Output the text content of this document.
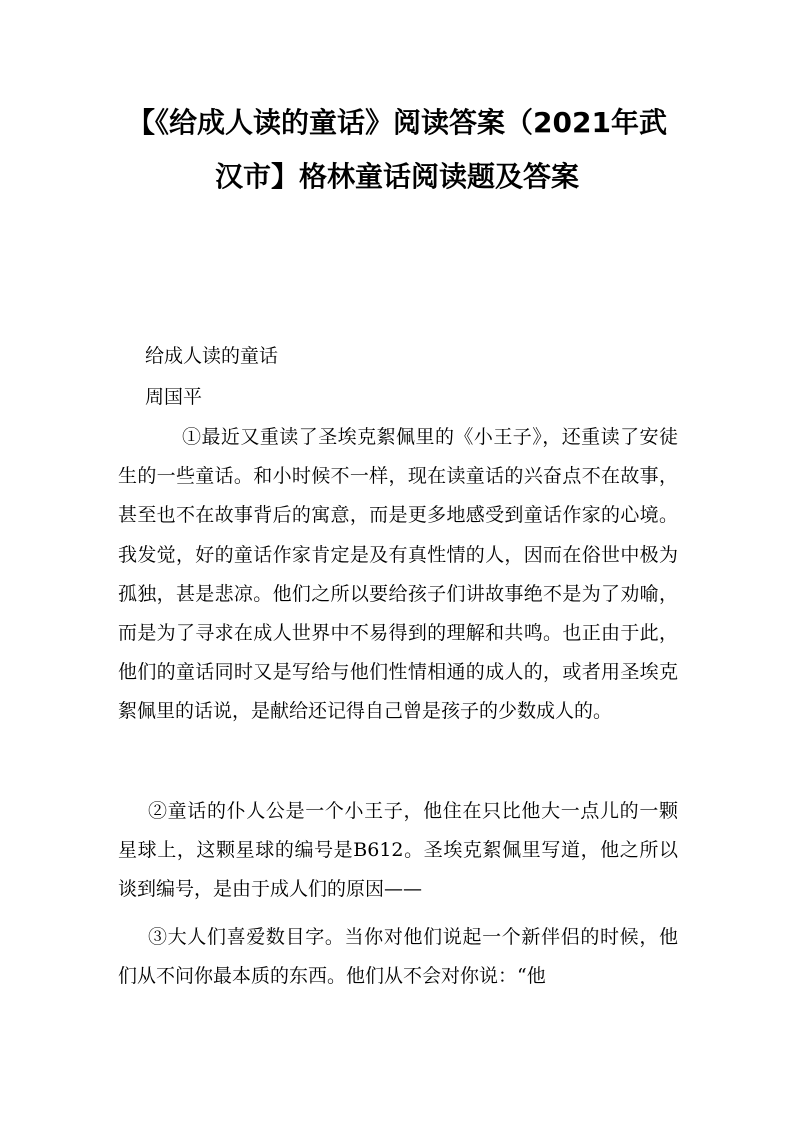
【《给成人读的童话》阅读答案（2021年武汉市】格林童话阅读题及答案
给成人读的童话
周国平

①最近又重读了圣埃克絮佩里的《小王子》，还重读了安徒生的一些童话。和小时候不一样，现在读童话的兴奋点不在故事，甚至也不在故事背后的寓意，而是更多地感受到童话作家的心境。我发觉，好的童话作家肯定是及有真性情的人，因而在俗世中极为孤独，甚是悲凉。他们之所以要给孩子们讲故事绝不是为了劝喻，而是为了寻求在成人世界中不易得到的理解和共鸣。也正由于此，他们的童话同时又是写给与他们性情相通的成人的，或者用圣埃克絮佩里的话说，是献给还记得自己曾是孩子的少数成人的。

②童话的仆人公是一个小王子，他住在只比他大一点儿的一颗星球上，这颗星球的编号是B612。圣埃克絮佩里写道，他之所以谈到编号，是由于成人们的原因——

③大人们喜爱数目字。当你对他们说起一个新伴侣的时候，他们从不问你最本质的东西。他们从不会对你说：“他
